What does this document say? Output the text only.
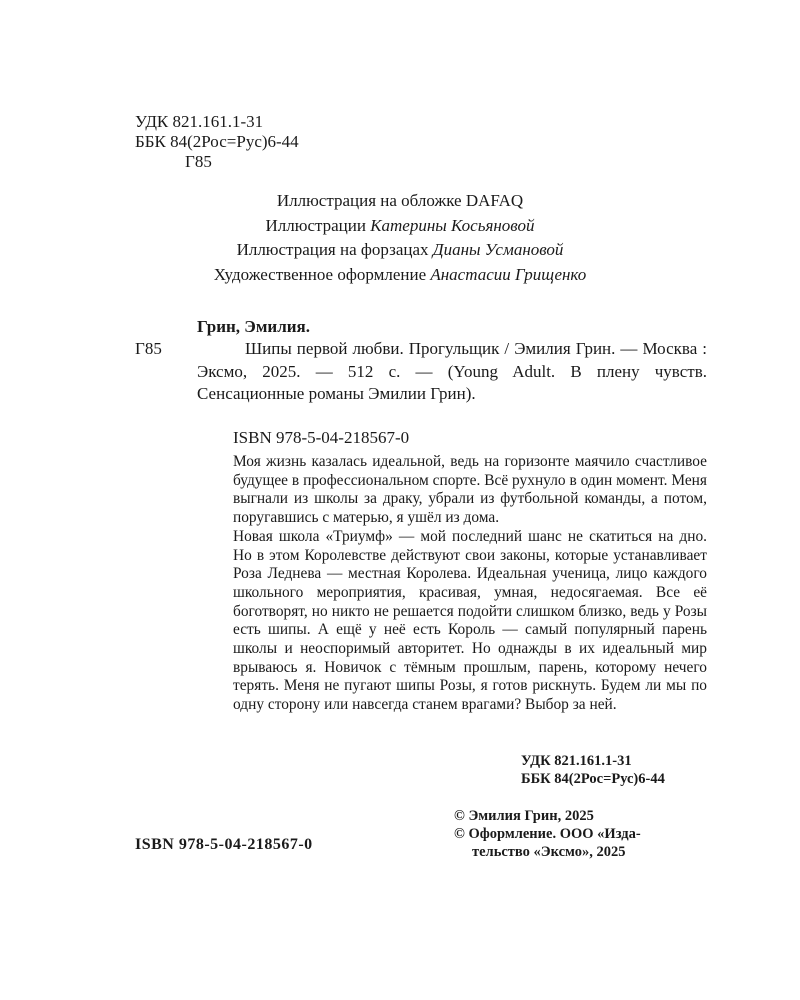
УДК 821.161.1-31
ББК 84(2Рос=Рус)6-44
Г85
Иллюстрация на обложке DAFAQ
Иллюстрации Катерины Косьяновой
Иллюстрация на форзацах Дианы Усмановой
Художественное оформление Анастасии Грищенко
Грин, Эмилия.
Г85	Шипы первой любви. Прогульщик / Эмилия Грин. — Москва : Эксмо, 2025. — 512 с. — (Young Adult. В плену чувств. Сенсационные романы Эмилии Грин).

ISBN 978-5-04-218567-0

Моя жизнь казалась идеальной, ведь на горизонте маячило счастливое будущее в профессиональном спорте. Всё рухнуло в один момент. Меня выгнали из школы за драку, убрали из футбольной команды, а потом, поругавшись с матерью, я ушёл из дома.

Новая школа «Триумф» — мой последний шанс не скатиться на дно. Но в этом Королевстве действуют свои законы, которые устанавливает Роза Леднева — местная Королева. Идеальная ученица, лицо каждого школьного мероприятия, красивая, умная, недосягаемая. Все её боготворят, но никто не решается подойти слишком близко, ведь у Розы есть шипы. А ещё у неё есть Король — самый популярный парень школы и неоспоримый авторитет. Но однажды в их идеальный мир врываюсь я. Новичок с тёмным прошлым, парень, которому нечего терять. Меня не пугают шипы Розы, я готов рискнуть. Будем ли мы по одну сторону или навсегда станем врагами? Выбор за ней.

УДК 821.161.1-31
ББК 84(2Рос=Рус)6-44
© Эмилия Грин, 2025
© Оформление. ООО «Изда-
тельство «Эксмо», 2025
ISBN 978-5-04-218567-0
